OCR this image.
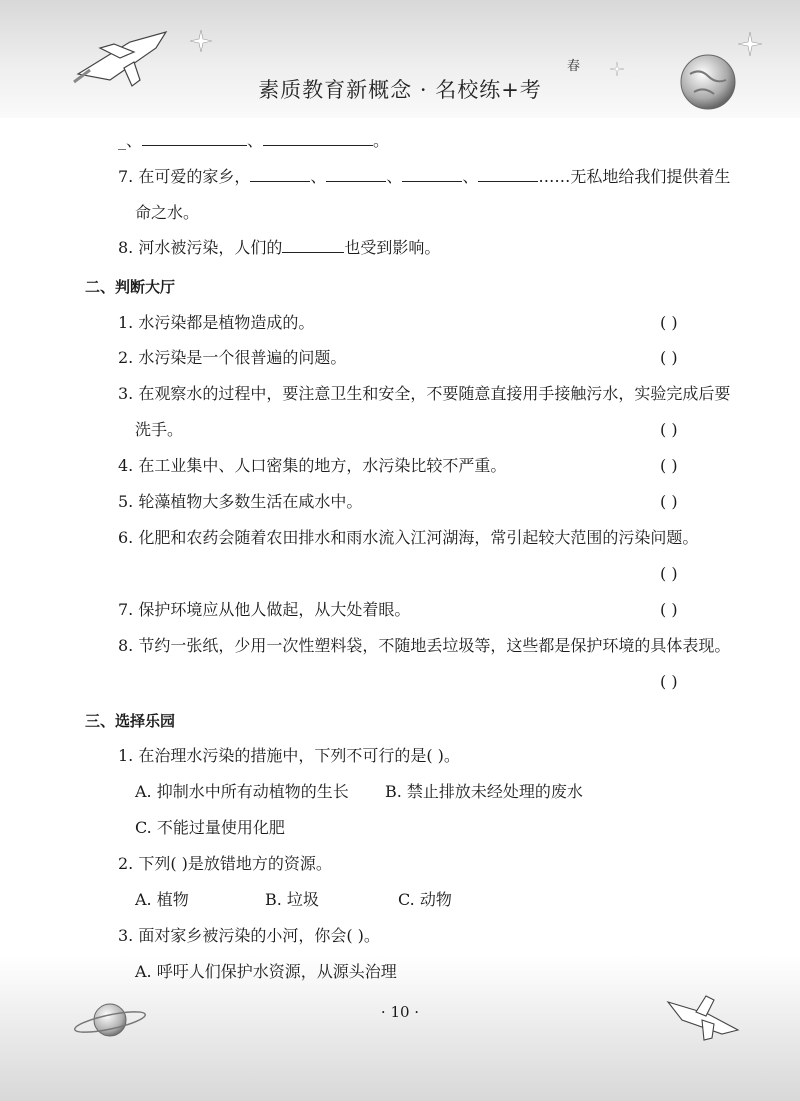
春
素质教育新概念 · 名校练+考
_、	、	。
7. 在可爱的家乡，	、	、	、	……无私地给我们提供着生
命之水。
8. 河水被污染，人们的	也受到影响。
二、判断大厅
1. 水污染都是植物造成的。	( )
2. 水污染是一个很普遍的问题。	( )
3. 在观察水的过程中，要注意卫生和安全，不要随意直接用手接触污水，实验完成后要
洗手。	( )
4. 在工业集中、人口密集的地方，水污染比较不严重。	( )
5. 轮藻植物大多数生活在咸水中。	( )
6. 化肥和农药会随着农田排水和雨水流入江河湖海，常引起较大范围的污染问题。
( )
7. 保护环境应从他人做起，从大处着眼。	( )
8. 节约一张纸，少用一次性塑料袋，不随地丢垃圾等，这些都是保护环境的具体表现。
( )
三、选择乐园
1. 在治理水污染的措施中，下列不可行的是( )。
A. 抑制水中所有动植物的生长 B. 禁止排放未经处理的废水
C. 不能过量使用化肥
2. 下列( )是放错地方的资源。
A. 植物	B. 垃圾	C. 动物
3. 面对家乡被污染的小河，你会( )。
A. 呼吁人们保护水资源，从源头治理
· 10 ·
